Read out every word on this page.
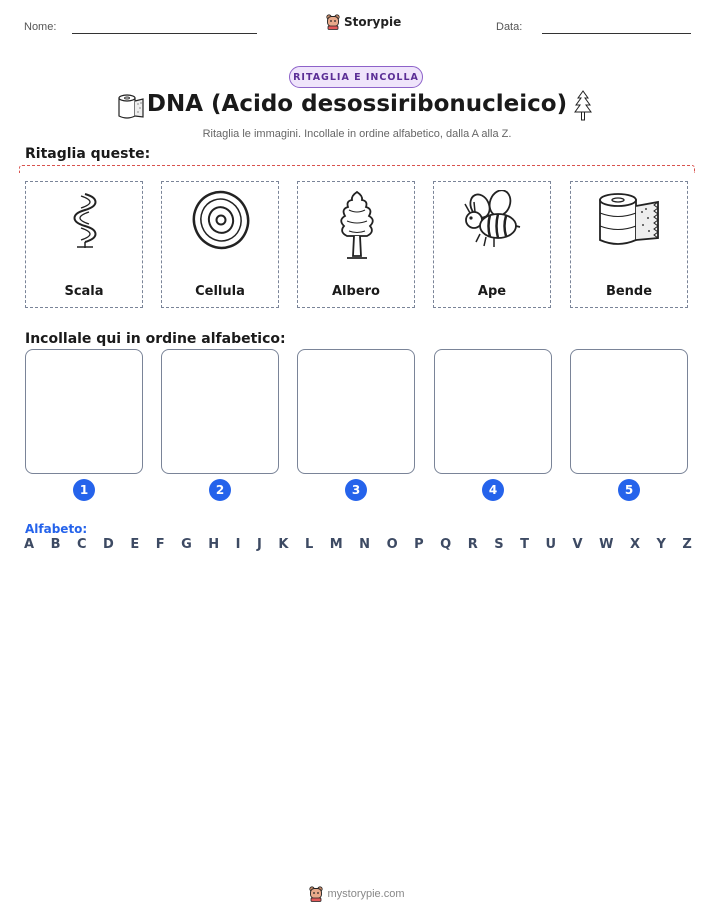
Nome:	Storypie	Data:
RITAGLIA E INCOLLA
DNA (Acido desossiribonucleico)
Ritaglia le immagini. Incollale in ordine alfabetico, dalla A alla Z.
Ritaglia queste:
Scala	Cellula	Albero	Ape	Bende
Incollale qui in ordine alfabetico:
1	2	3	4	5
Alfabeto:
A B C D E F G H I J K L M N O P Q R S T U V W X Y Z
mystorypie.com
